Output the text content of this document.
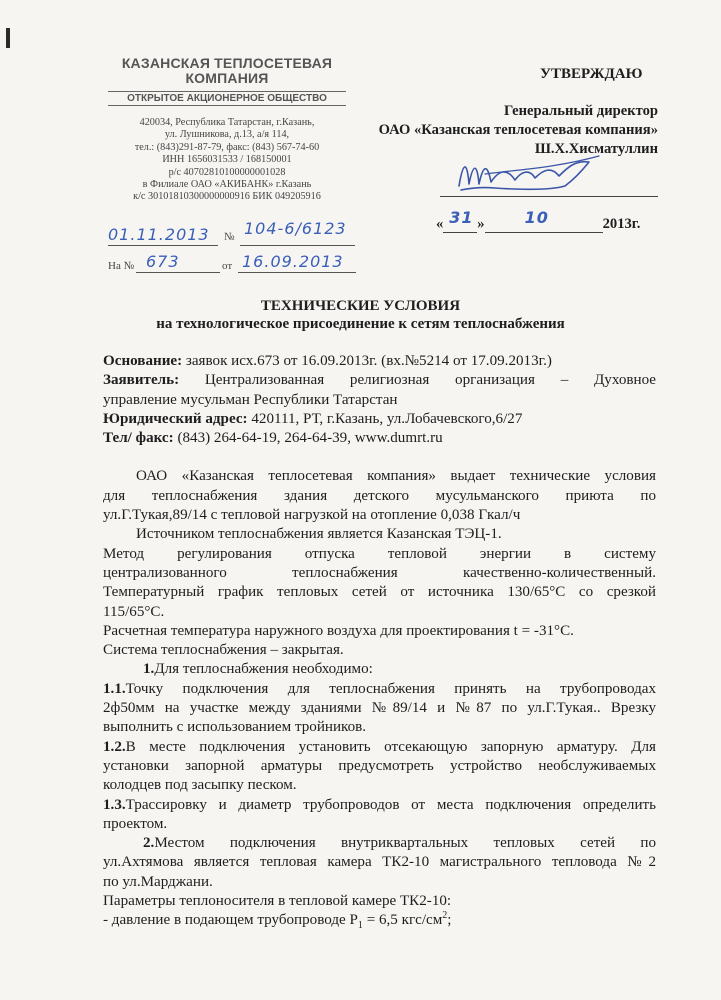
КАЗАНСКАЯ ТЕПЛОСЕТЕВАЯ
КОМПАНИЯ
ОТКРЫТОЕ АКЦИОНЕРНОЕ ОБЩЕСТВО
420034, Республика Татарстан, г.Казань,
ул. Лушникова, д.13, а/я 114,
тел.: (843)291-87-79, факс: (843) 567-74-60
ИНН 1656031533 / 168150001
р/с 40702810100000001028
в Филиале ОАО «АКИБАНК» г.Казань
к/с 30101810300000000916 БИК 049205916
01.11.2013 № 104-6/6123
На № 673	от 16.09.2013
УТВЕРЖДАЮ
Генеральный директор
ОАО «Казанская теплосетевая компания»
Ш.Х.Хисматуллин
« 31 »	10	2013г.
ТЕХНИЧЕСКИЕ УСЛОВИЯ
на технологическое присоединение к сетям теплоснабжения

Основание: заявок исх.673 от 16.09.2013г. (вх.№5214 от 17.09.2013г.)

Заявитель: Централизованная религиозная организация – Духовное

управление мусульман Республики Татарстан

Юридический адрес: 420111, РТ, г.Казань, ул.Лобачевского,6/27

Тел/ факс: (843) 264-64-19, 264-64-39, www.dumrt.ru

ОАО «Казанская теплосетевая компания» выдает технические условия

для теплоснабжения здания детского мусульманского приюта по

ул.Г.Тукая,89/14 с тепловой нагрузкой на отопление 0,038 Гкал/ч

Источником теплоснабжения является Казанская ТЭЦ-1.

Метод регулирования отпуска тепловой энергии в систему

централизованного теплоснабжения качественно-количественный.

Температурный график тепловых сетей от источника 130/65°С со срезкой

115/65°С.

Расчетная температура наружного воздуха для проектирования t = -31°С.

Система теплоснабжения – закрытая.

1.Для теплоснабжения необходимо:

1.1.Точку подключения для теплоснабжения принять на трубопроводах

2ф50мм на участке между зданиями №89/14 и №87 по ул.Г.Тукая.. Врезку

выполнить с использованием тройников.

1.2.В месте подключения установить отсекающую запорную арматуру. Для

установки запорной арматуры предусмотреть устройство необслуживаемых

колодцев под засыпку песком.

1.3.Трассировку и диаметр трубопроводов от места подключения определить

проектом.

2.Местом подключения внутриквартальных тепловых сетей по

ул.Ахтямова является тепловая камера ТК2-10 магистрального тепловода №2

по ул.Марджани.

Параметры теплоносителя в тепловой камере ТК2-10:

- давление в подающем трубопроводе $Р_1 = 6,5$ кгс/$см^2$;
